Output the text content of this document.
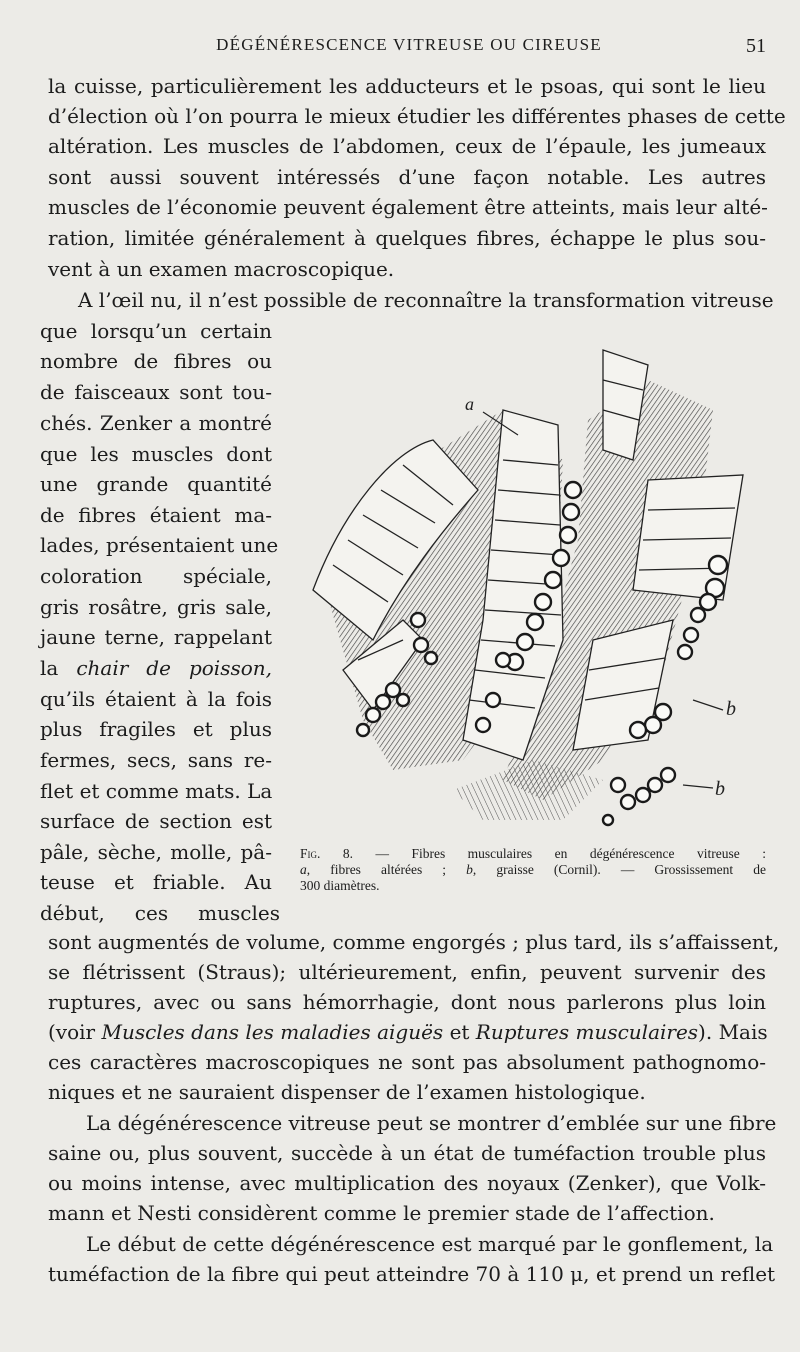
DÉGÉNÉRESCENCE VITREUSE OU CIREUSE	51
la cuisse, particulièrement les adducteurs et le psoas, qui sont le lieu
d’élection où l’on pourra le mieux étudier les différentes phases de cette
altération. Les muscles de l’abdomen, ceux de l’épaule, les jumeaux
sont aussi souvent intéressés d’une façon notable. Les autres
muscles de l’économie peuvent également être atteints, mais leur alté-
ration, limitée généralement à quelques fibres, échappe le plus sou-
vent à un examen macroscopique.
A l’œil nu, il n’est possible de reconnaître la transformation vitreuse
que lorsqu’un certain
nombre de fibres ou
de faisceaux sont tou-
chés. Zenker a montré
que les muscles dont
une grande quantité
de fibres étaient ma-
lades, présentaient une
coloration spéciale,
gris rosâtre, gris sale,
jaune terne, rappelant
la chair de poisson,
qu’ils étaient à la fois
plus fragiles et plus
fermes, secs, sans re-
flet et comme mats. La
surface de section est
pâle, sèche, molle, pâ-
teuse et friable. Au
début, ces muscles
sont augmentés de volume, comme engorgés ; plus tard, ils s’affaissent,
se flétrissent (Straus); ultérieurement, enfin, peuvent survenir des
ruptures, avec ou sans hémorrhagie, dont nous parlerons plus loin
(voir Muscles dans les maladies aiguës et Ruptures musculaires). Mais
ces caractères macroscopiques ne sont pas absolument pathognomo-
niques et ne sauraient dispenser de l’examen histologique.
La dégénérescence vitreuse peut se montrer d’emblée sur une fibre
saine ou, plus souvent, succède à un état de tuméfaction trouble plus
ou moins intense, avec multiplication des noyaux (Zenker), que Volk-
mann et Nesti considèrent comme le premier stade de l’affection.
Le début de cette dégénérescence est marqué par le gonflement, la
tuméfaction de la fibre qui peut atteindre 70 à 110 μ, et prend un reflet
a
b
b
Fig. 8. — Fibres musculaires en dégénérescence vitreuse :
a, fibres altérées ; b, graisse (Cornil). — Grossissement de
300 diamètres.
